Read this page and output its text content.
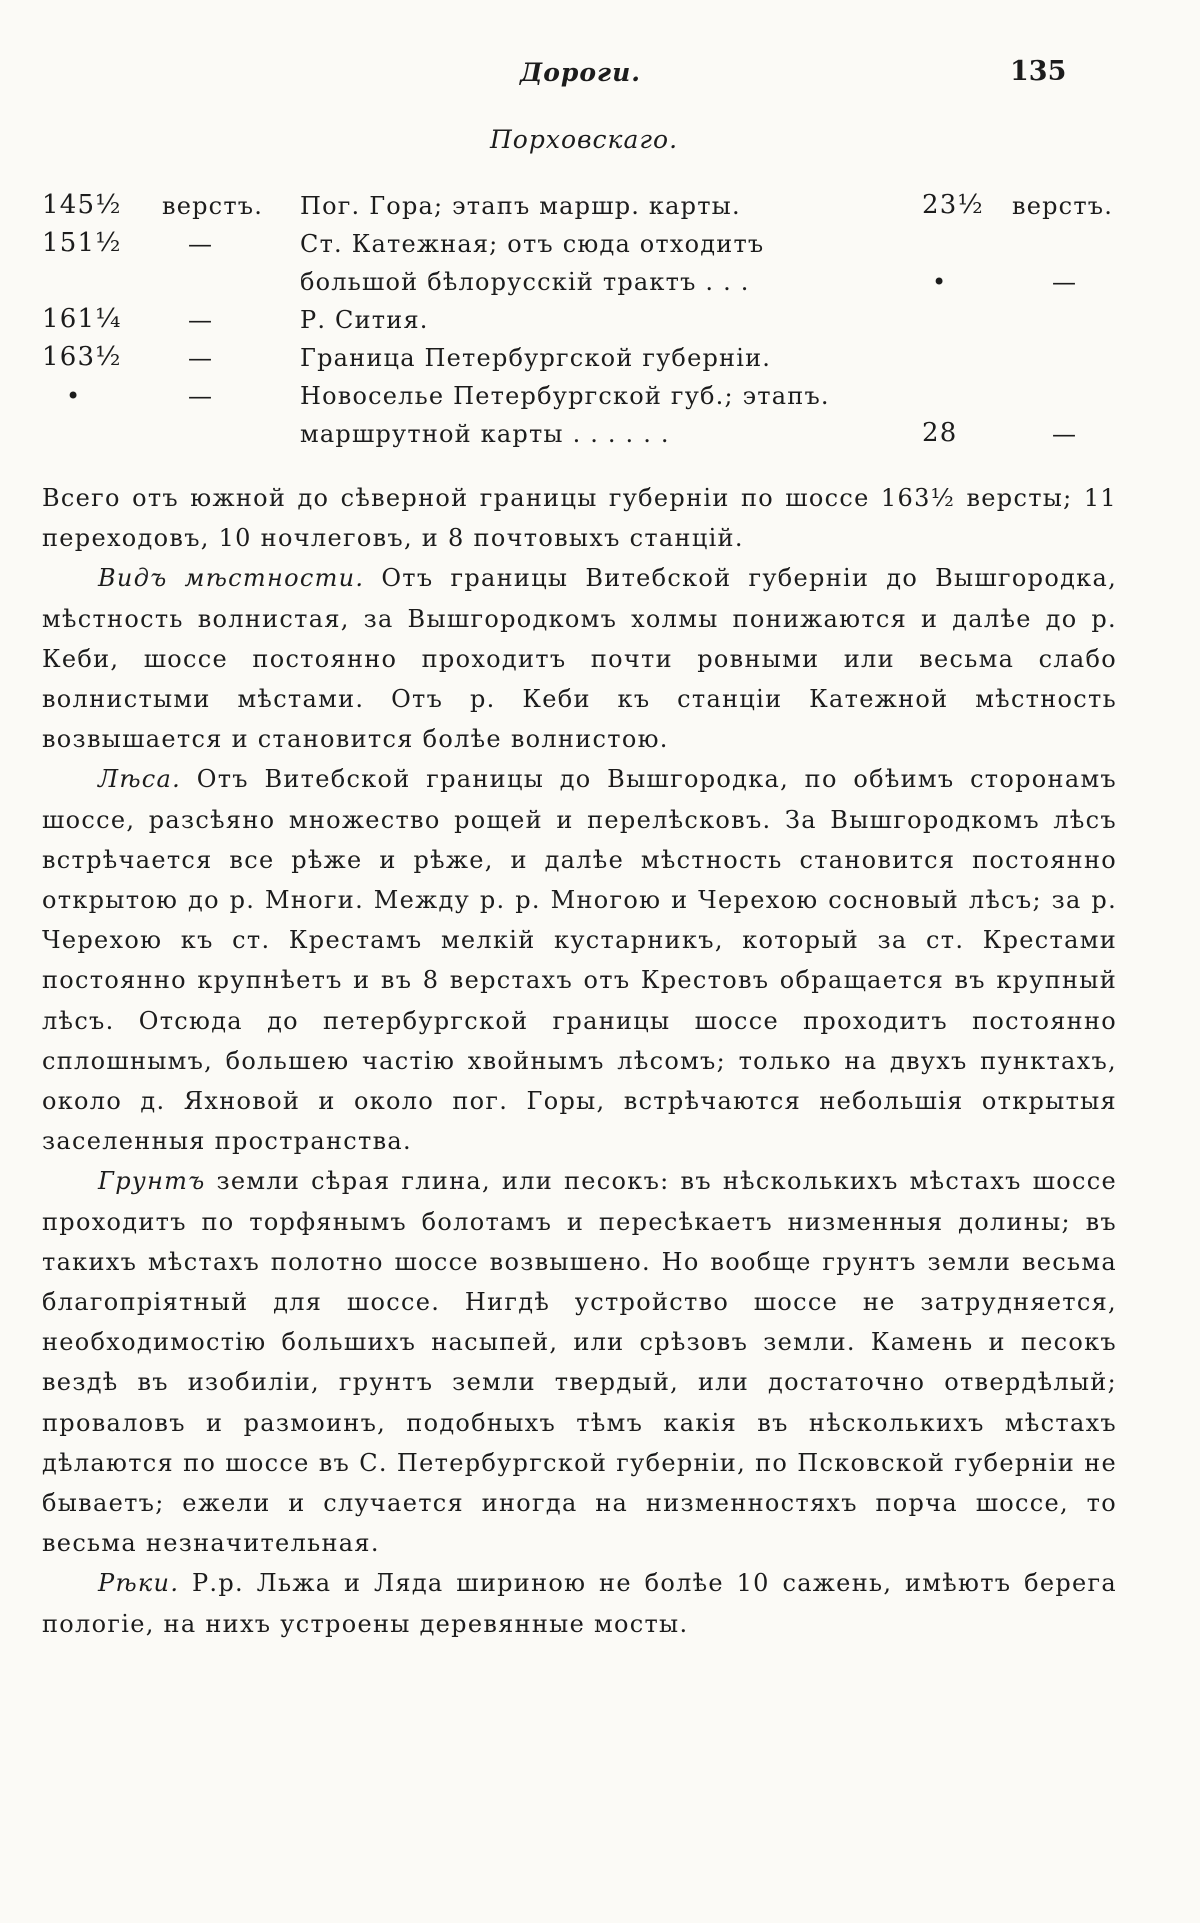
Дороги.	135
Порховскаго.
145½	верстъ. Пог. Гора; этапъ маршр. карты.	23½ верстъ.
151½	—	Ст. Катежная; отъ сюда отходитъ
большой бѣлорусскій трактъ . . .	•	—
161¼	—	Р. Сития.
163½	—	Граница Петербургской губерніи.
•	—	Новоселье Петербургской губ.; этапъ.
маршрутной карты . . . . . .	28	—

Всего отъ южной до сѣверной границы губерніи по шоссе 163½ версты; 11 переходовъ, 10 ночлеговъ, и 8 почтовыхъ станцій.

Видъ мѣстности. Отъ границы Витебской губерніи до Вышгородка, мѣстность волнистая, за Вышгородкомъ холмы понижаются и далѣе до р. Кеби, шоссе постоянно проходитъ почти ровными или весьма слабо волнистыми мѣстами. Отъ р. Кеби къ станціи Катежной мѣстность возвышается и становится болѣе волнистою.

Лѣса. Отъ Витебской границы до Вышгородка, по обѣимъ сторонамъ шоссе, разсѣяно множество рощей и перелѣсковъ. За Вышгородкомъ лѣсъ встрѣчается все рѣже и рѣже, и далѣе мѣстность становится постоянно открытою до р. Многи. Между р. р. Многою и Черехою сосновый лѣсъ; за р. Черехою къ ст. Крестамъ мелкій кустарникъ, который за ст. Крестами постоянно крупнѣетъ и въ 8 верстахъ отъ Крестовъ обращается въ крупный лѣсъ. Отсюда до петербургской границы шоссе проходитъ постоянно сплошнымъ, большею частію хвойнымъ лѣсомъ; только на двухъ пунктахъ, около д. Яхновой и около пог. Горы, встрѣчаются небольшія открытыя заселенныя пространства.

Грунтъ земли сѣрая глина, или песокъ: въ нѣсколькихъ мѣстахъ шоссе проходитъ по торфянымъ болотамъ и пересѣкаетъ низменныя долины; въ такихъ мѣстахъ полотно шоссе возвышено. Но вообще грунтъ земли весьма благопріятный для шоссе. Нигдѣ устройство шоссе не затрудняется, необходимостію большихъ насыпей, или срѣзовъ земли. Камень и песокъ вездѣ въ изобиліи, грунтъ земли твердый, или достаточно отвердѣлый; проваловъ и размоинъ, подобныхъ тѣмъ какія въ нѣсколькихъ мѣстахъ дѣлаются по шоссе въ С. Петербургской губерніи, по Псковской губерніи не бываетъ; ежели и случается иногда на низменностяхъ порча шоссе, то весьма незначительная.

Рѣки. Р.р. Льжа и Лядa шириною не болѣе 10 сажень, имѣютъ берега пологіе, на нихъ устроены деревянные мосты.
